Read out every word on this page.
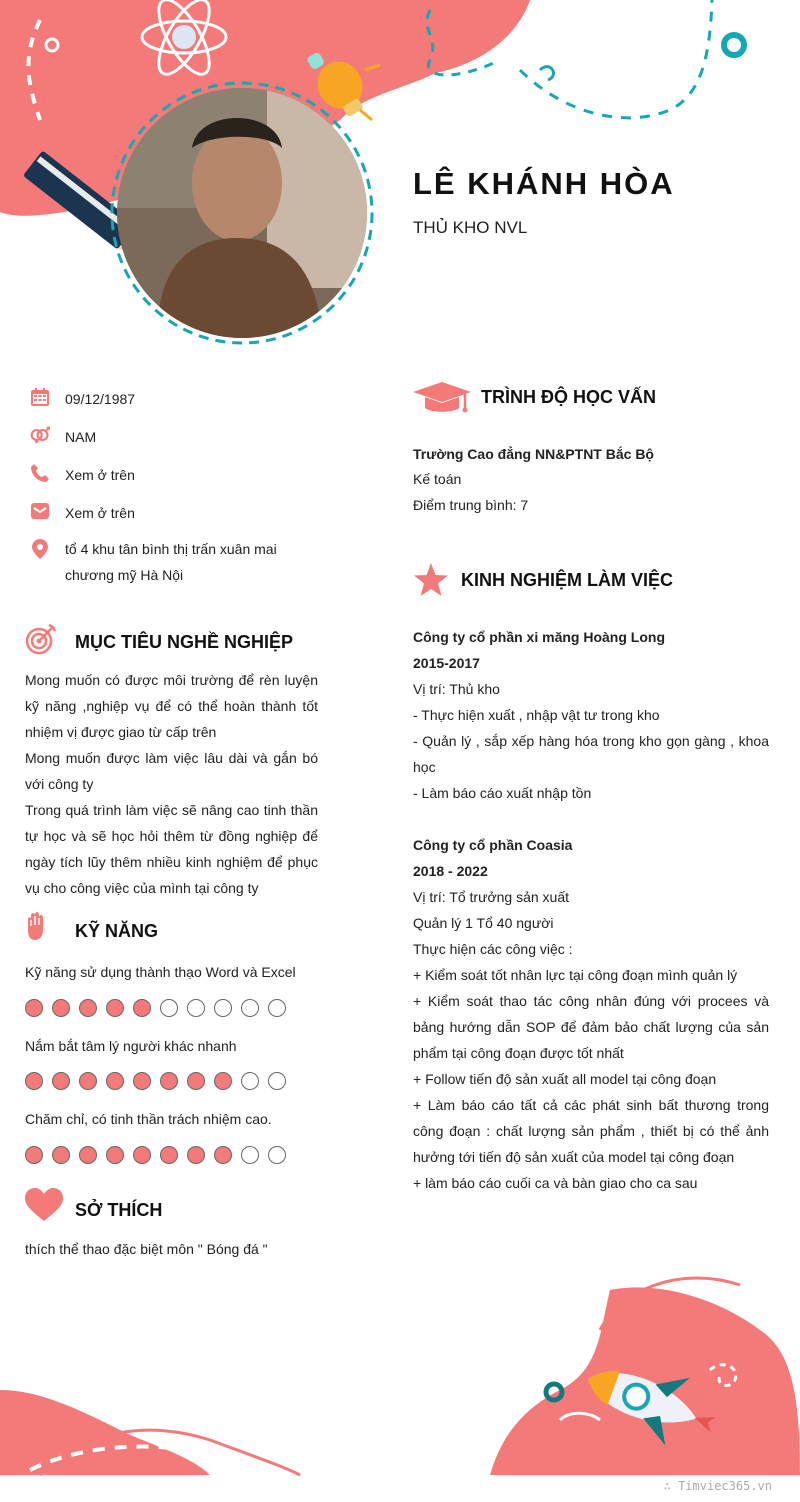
LÊ KHÁNH HÒA
THỦ KHO NVL
09/12/1987
NAM
Xem ở trên
Xem ở trên
tổ 4 khu tân bình thị trấn xuân mai chương mỹ Hà Nội
MỤC TIÊU NGHỀ NGHIỆP
Mong muốn có được môi trường để rèn luyện kỹ năng ,nghiệp vụ để có thể hoàn thành tốt nhiệm vị được giao từ cấp trên
Mong muốn được làm việc lâu dài và gắn bó với công ty
Trong quá trình làm việc sẽ nâng cao tinh thần tự học và sẽ học hỏi thêm từ đồng nghiệp để ngày tích lũy thêm nhiều kinh nghiệm để phục vụ cho công việc của mình tại công ty
KỸ NĂNG
Kỹ năng sử dụng thành thạo Word và Excel
Nắm bắt tâm lý người khác nhanh
Chăm chỉ, có tinh thần trách nhiệm cao.
SỞ THÍCH
thích thể thao đặc biệt môn " Bóng đá "
TRÌNH ĐỘ HỌC VẤN
Trường Cao đẳng NN&PTNT Bắc Bộ
Kế toán
Điểm trung bình: 7
KINH NGHIỆM LÀM VIỆC
Công ty cổ phần xi măng Hoàng Long
2015-2017
Vị trí: Thủ kho
- Thực hiện xuất , nhập vật tư trong kho
- Quản lý , sắp xếp hàng hóa trong kho gọn gàng , khoa học
- Làm báo cáo xuất nhập tồn
Công ty cổ phần Coasia
2018 - 2022
Vị trí: Tổ trưởng sản xuất
Quản lý 1 Tổ 40 người
Thực hiện các công việc :
+ Kiểm soát tốt nhân lực tại công đoạn mình quản lý
+ Kiểm soát thao tác công nhân đúng với procees và bảng hướng dẫn SOP để đảm bảo chất lượng của sản phẩm tại công đoạn được tốt nhất
+ Follow tiến độ sản xuất all model tại công đoạn
+ Làm báo cáo tất cả các phát sinh bất thương trong công đoạn : chất lượng sản phẩm , thiết bị có thể ảnh hưởng tới tiến độ sản xuất của model tại công đoạn
+ làm báo cáo cuối ca và bàn giao cho ca sau
∴ Timviec365.vn
